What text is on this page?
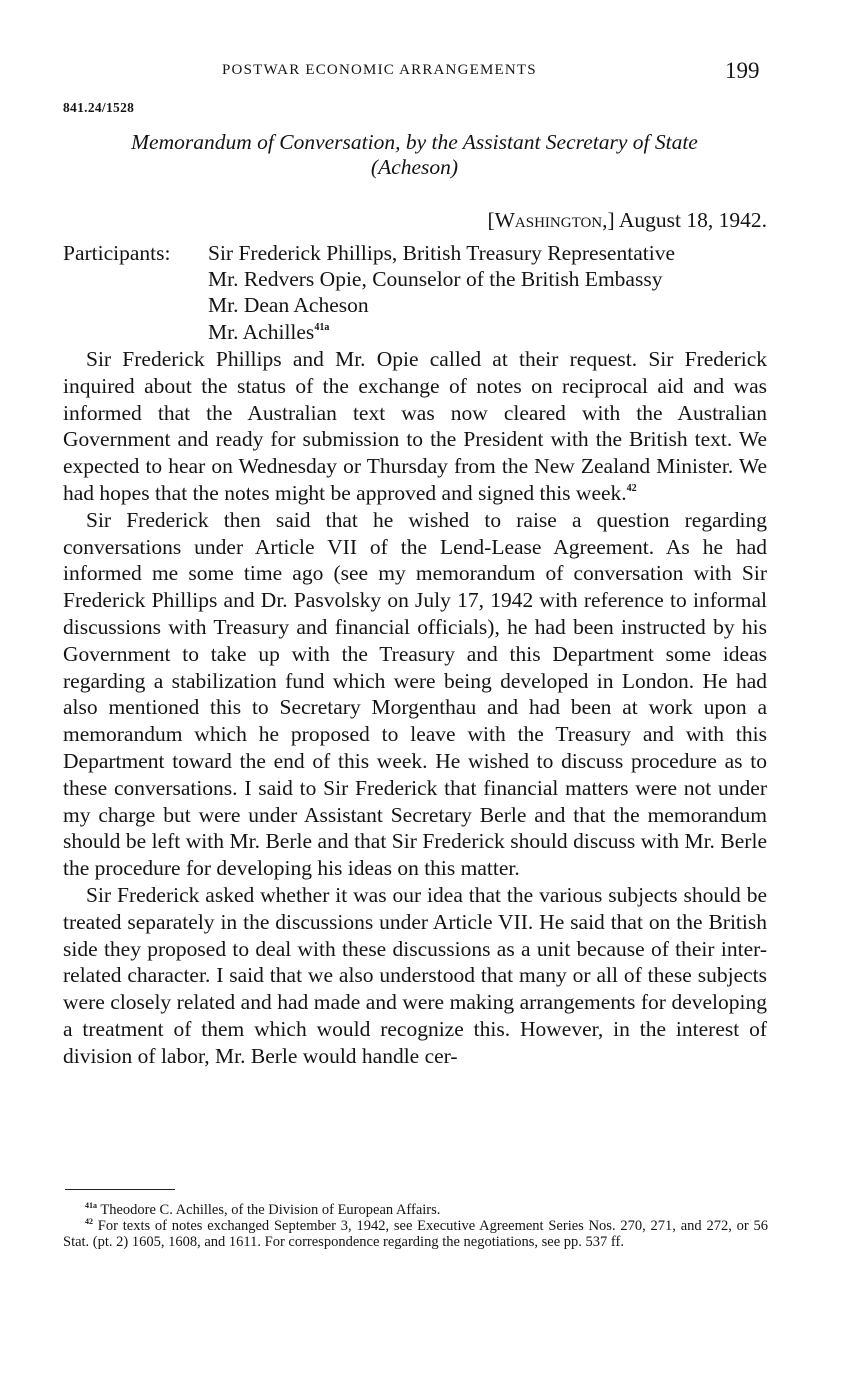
POSTWAR ECONOMIC ARRANGEMENTS	199
841.24/1528
Memorandum of Conversation, by the Assistant Secretary of State
(Acheson)
[Washington,] August 18, 1942.
Participants:	Sir Frederick Phillips, British Treasury Representative
Mr. Redvers Opie, Counselor of the British Embassy
Mr. Dean Acheson
Mr. Achilles$^{41a}$

Sir Frederick Phillips and Mr. Opie called at their request. Sir Frederick inquired about the status of the exchange of notes on reciprocal aid and was informed that the Australian text was now cleared with the Australian Government and ready for submission to the President with the British text. We expected to hear on Wednesday or Thursday from the New Zealand Minister. We had hopes that the notes might be approved and signed this week.$^{42}$

Sir Frederick then said that he wished to raise a question regarding conversations under Article VII of the Lend-Lease Agreement. As he had informed me some time ago (see my memorandum of conversation with Sir Frederick Phillips and Dr. Pasvolsky on July 17, 1942 with reference to informal discussions with Treasury and financial officials), he had been instructed by his Government to take up with the Treasury and this Department some ideas regarding a stabilization fund which were being developed in London. He had also mentioned this to Secretary Morgenthau and had been at work upon a memorandum which he proposed to leave with the Treasury and with this Department toward the end of this week. He wished to discuss procedure as to these conversations. I said to Sir Frederick that financial matters were not under my charge but were under Assistant Secretary Berle and that the memorandum should be left with Mr. Berle and that Sir Frederick should discuss with Mr. Berle the procedure for developing his ideas on this matter.

Sir Frederick asked whether it was our idea that the various subjects should be treated separately in the discussions under Article VII. He said that on the British side they proposed to deal with these discussions as a unit because of their inter-related character. I said that we also understood that many or all of these subjects were closely related and had made and were making arrangements for developing a treatment of them which would recognize this. However, in the interest of division of labor, Mr. Berle would handle cer-

$^{41a}$ Theodore C. Achilles, of the Division of European Affairs.

$^{42}$ For texts of notes exchanged September 3, 1942, see Executive Agreement Series Nos. 270, 271, and 272, or 56 Stat. (pt. 2) 1605, 1608, and 1611. For correspondence regarding the negotiations, see pp. 537 ff.
